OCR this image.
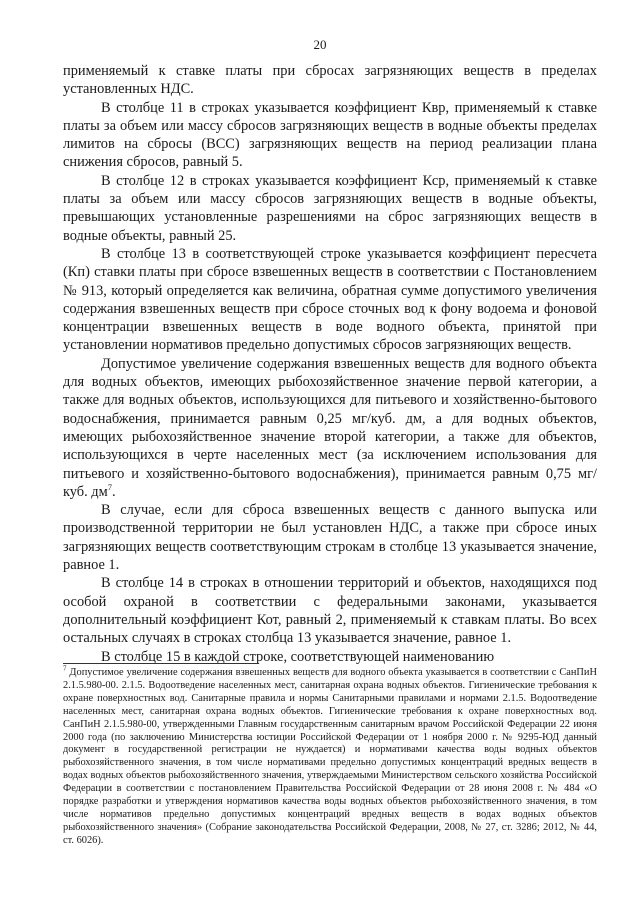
20

применяемый к ставке платы при сбросах загрязняющих веществ в пределах установленных НДС.

В столбце 11 в строках указывается коэффициент Квр, применяемый к ставке платы за объем или массу сбросов загрязняющих веществ в водные объекты пределах лимитов на сбросы (ВСС) загрязняющих веществ на период реализации плана снижения сбросов, равный 5.

В столбце 12 в строках указывается коэффициент Кср, применяемый к ставке платы за объем или массу сбросов загрязняющих веществ в водные объекты, превышающих установленные разрешениями на сброс загрязняющих веществ в водные объекты, равный 25.

В столбце 13 в соответствующей строке указывается коэффициент пересчета (Кп) ставки платы при сбросе взвешенных веществ в соответствии с Постановлением № 913, который определяется как величина, обратная сумме допустимого увеличения содержания взвешенных веществ при сбросе сточных вод к фону водоема и фоновой концентрации взвешенных веществ в воде водного объекта, принятой при установлении нормативов предельно допустимых сбросов загрязняющих веществ.

Допустимое увеличение содержания взвешенных веществ для водного объекта для водных объектов, имеющих рыбохозяйственное значение первой категории, а также для водных объектов, использующихся для питьевого и хозяйственно-бытового водоснабжения, принимается равным 0,25 мг/куб. дм, а для водных объектов, имеющих рыбохозяйственное значение второй категории, а также для объектов, использующихся в черте населенных мест (за исключением использования для питьевого и хозяйственно-бытового водоснабжения), принимается равным 0,75 мг/ куб. $дм^7$.

В случае, если для сброса взвешенных веществ с данного выпуска или производственной территории не был установлен НДС, а также при сбросе иных загрязняющих веществ соответствующим строкам в столбце 13 указывается значение, равное 1.

В столбце 14 в строках в отношении территорий и объектов, находящихся под особой охраной в соответствии с федеральными законами, указывается дополнительный коэффициент Кот, равный 2, применяемый к ставкам платы. Во всех остальных случаях в строках столбца 13 указывается значение, равное 1.

В столбце 15 в каждой строке, соответствующей наименованию

$^7$ Допустимое увеличение содержания взвешенных веществ для водного объекта указывается в соответствии с СанПиН 2.1.5.980-00. 2.1.5. Водоотведение населенных мест, санитарная охрана водных объектов. Гигиенические требования к охране поверхностных вод. Санитарные правила и нормы Санитарными правилами и нормами 2.1.5. Водоотведение населенных мест, санитарная охрана водных объектов. Гигиенические требования к охране поверхностных вод. СанПиН 2.1.5.980-00, утвержденными Главным государственным санитарным врачом Российской Федерации 22 июня 2000 года (по заключению Министерства юстиции Российской Федерации от 1 ноября 2000 г. № 9295-ЮД данный документ в государственной регистрации не нуждается) и нормативами качества воды водных объектов рыбохозяйственного значения, в том числе нормативами предельно допустимых концентраций вредных веществ в водах водных объектов рыбохозяйственного значения, утверждаемыми Министерством сельского хозяйства Российской Федерации в соответствии с постановлением Правительства Российской Федерации от 28 июня 2008 г. № 484 «О порядке разработки и утверждения нормативов качества воды водных объектов рыбохозяйственного значения, в том числе нормативов предельно допустимых концентраций вредных веществ в водах водных объектов рыбохозяйственного значения» (Собрание законодательства Российской Федерации, 2008, № 27, ст. 3286; 2012, № 44, ст. 6026).
